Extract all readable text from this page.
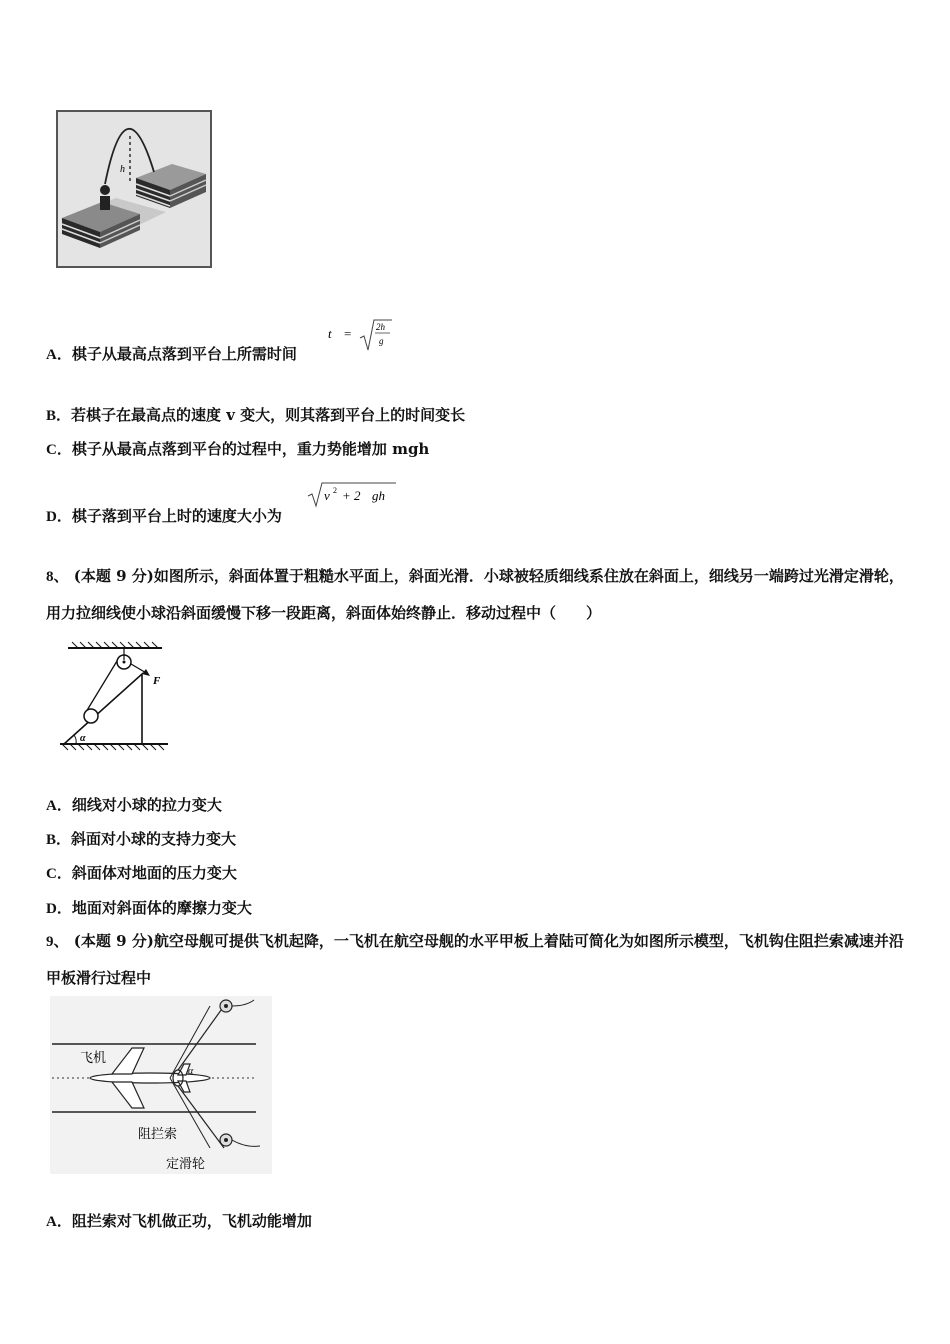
h
A．棋子从最高点落到平台上所需时间
t =	2h
g
B．若棋子在最高点的速度 v 变大，则其落到平台上的时间变长
C．棋子从最高点落到平台的过程中，重力势能增加 mgh
D．棋子落到平台上时的速度大小为
v 2 + 2 gh
8、 (本题 9 分)如图所示，斜面体置于粗糙水平面上，斜面光滑．小球被轻质细线系住放在斜面上，细线另一端跨过光滑定滑轮，用力拉细线使小球沿斜面缓慢下移一段距离，斜面体始终静止．移动过程中（　　）
F
α
A．细线对小球的拉力变大
B．斜面对小球的支持力变大
C．斜面体对地面的压力变大
D．地面对斜面体的摩擦力变大
9、 (本题 9 分)航空母舰可提供飞机起降，一飞机在航空母舰的水平甲板上着陆可简化为如图所示模型，飞机钩住阻拦索减速并沿甲板滑行过程中
飞机
α
阻拦索
定滑轮
A．阻拦索对飞机做正功，飞机动能增加
